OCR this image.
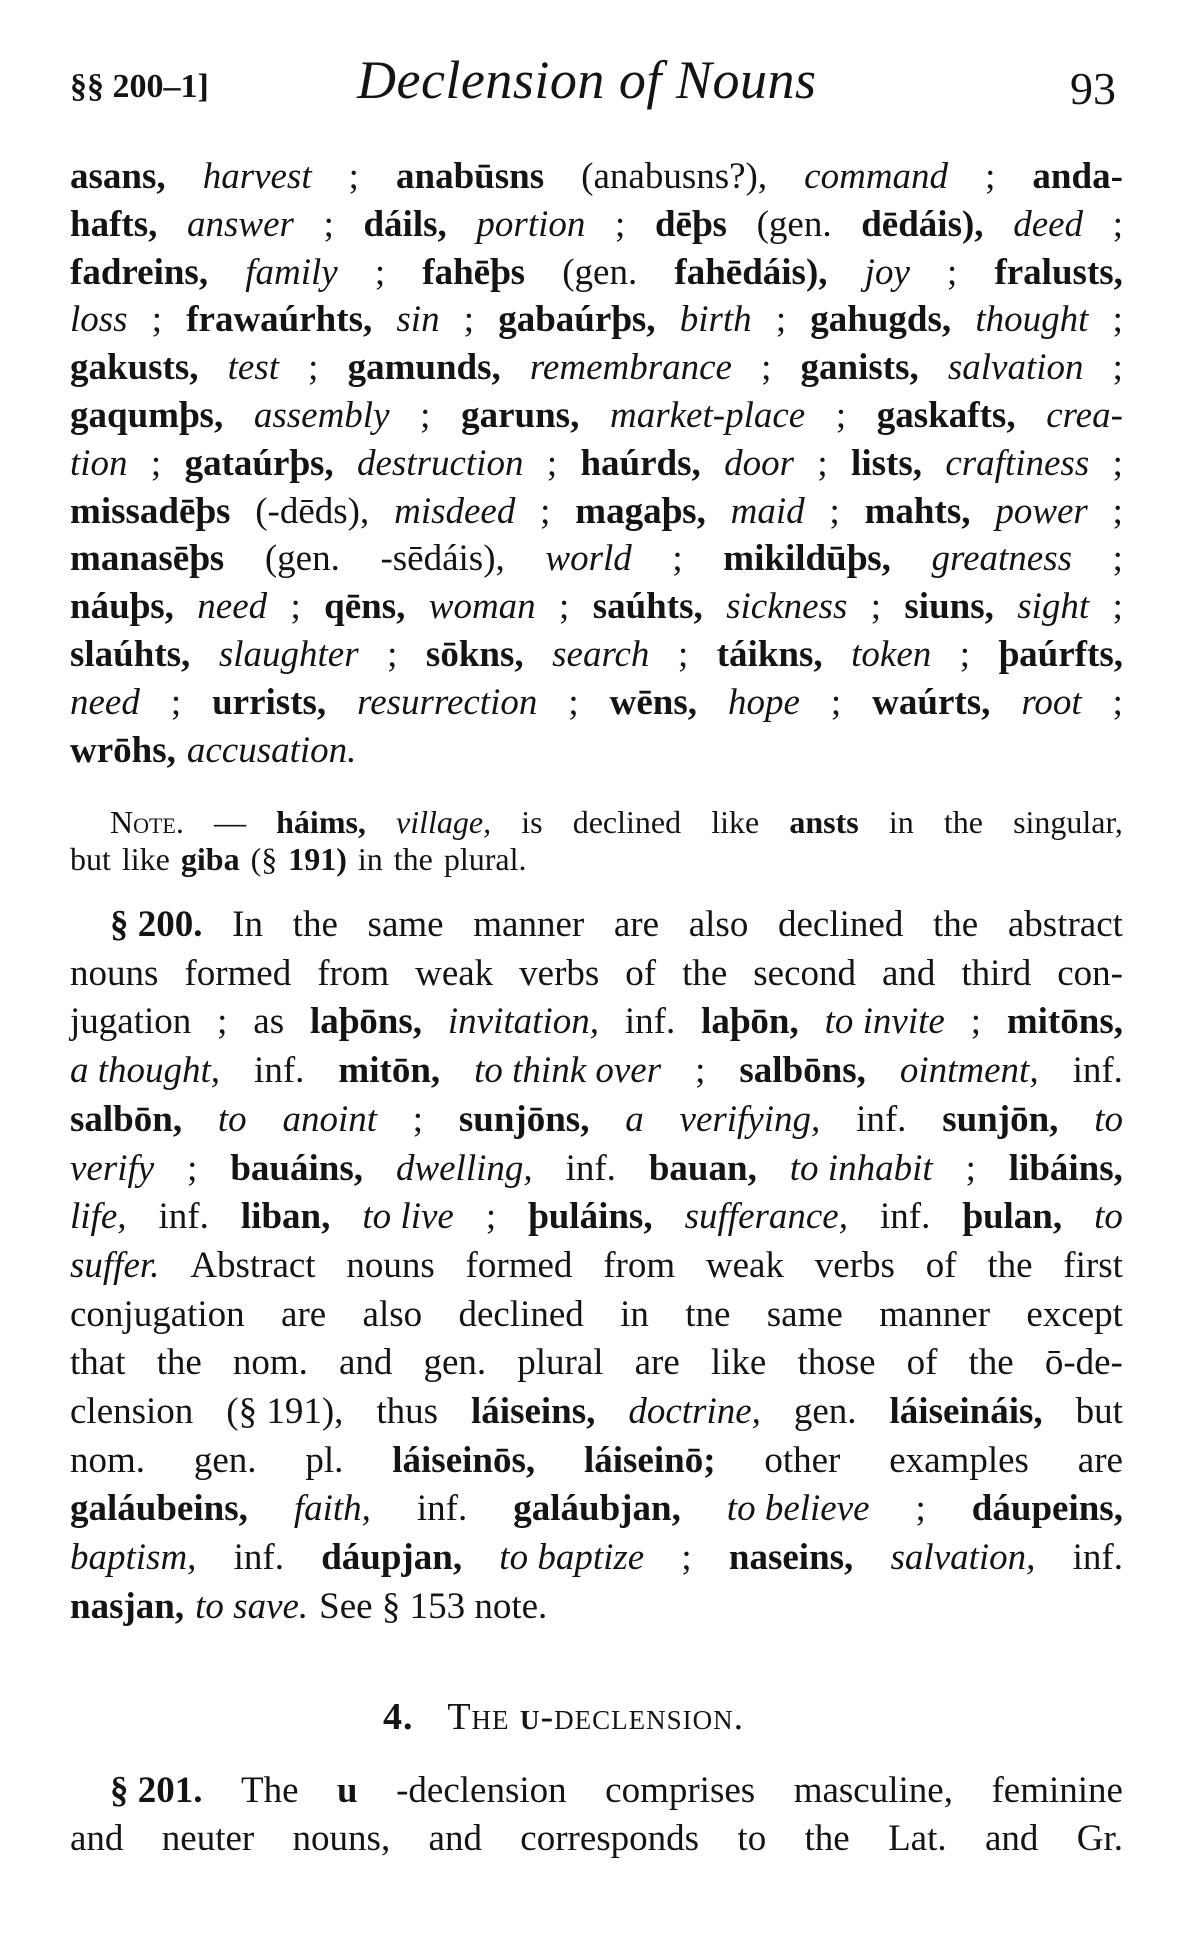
§§ 200–1]	Declension of Nouns	93
asans, harvest ; anabūsns (anabusns?), command ; anda-
hafts, answer ; dáils, portion ; dēþs (gen. dēdáis), deed ;
fadreins, family ; fahēþs (gen. fahēdáis), joy ; fralusts,
loss ; frawaúrhts, sin ; gabaúrþs, birth ; gahugds, thought ;
gakusts, test ; gamunds, remembrance ; ganists, salvation ;
gaqumþs, assembly ; garuns, market-place ; gaskafts, crea-
tion ; gataúrþs, destruction ; haúrds, door ; lists, craftiness ;
missadēþs (-dēds), misdeed ; magaþs, maid ; mahts, power ;
manasēþs (gen. -sēdáis), world ; mikildūþs, greatness ;
náuþs, need ; qēns, woman ; saúhts, sickness ; siuns, sight ;
slaúhts, slaughter ; sōkns, search ; táikns, token ; þaúrfts,
need ; urrists, resurrection ; wēns, hope ; waúrts, root ;
wrōhs, accusation.
Note. — háims, village, is declined like ansts in the singular,
but like giba (§ 191) in the plural.
§ 200. In the same manner are also declined the abstract
nouns formed from weak verbs of the second and third con-
jugation ; as laþōns, invitation, inf. laþōn, to invite ; mitōns,
a thought, inf. mitōn, to think over ; salbōns, ointment, inf.
salbōn, to anoint ; sunjōns, a verifying, inf. sunjōn, to
verify ; bauáins, dwelling, inf. bauan, to inhabit ; libáins,
life, inf. liban, to live ; þuláins, sufferance, inf. þulan, to
suffer. Abstract nouns formed from weak verbs of the first
conjugation are also declined in tne same manner except
that the nom. and gen. plural are like those of the ō-de-
clension (§ 191), thus láiseins, doctrine, gen. láiseináis, but
nom. gen. pl. láiseinōs, láiseinō; other examples are
galáubeins, faith, inf. galáubjan, to believe ; dáupeins,
baptism, inf. dáupjan, to baptize ; naseins, salvation, inf.
nasjan, to save. See § 153 note.
§ 201. The u -declension comprises masculine, feminine
and neuter nouns, and corresponds to the Lat. and Gr.
4. The u-declension.
